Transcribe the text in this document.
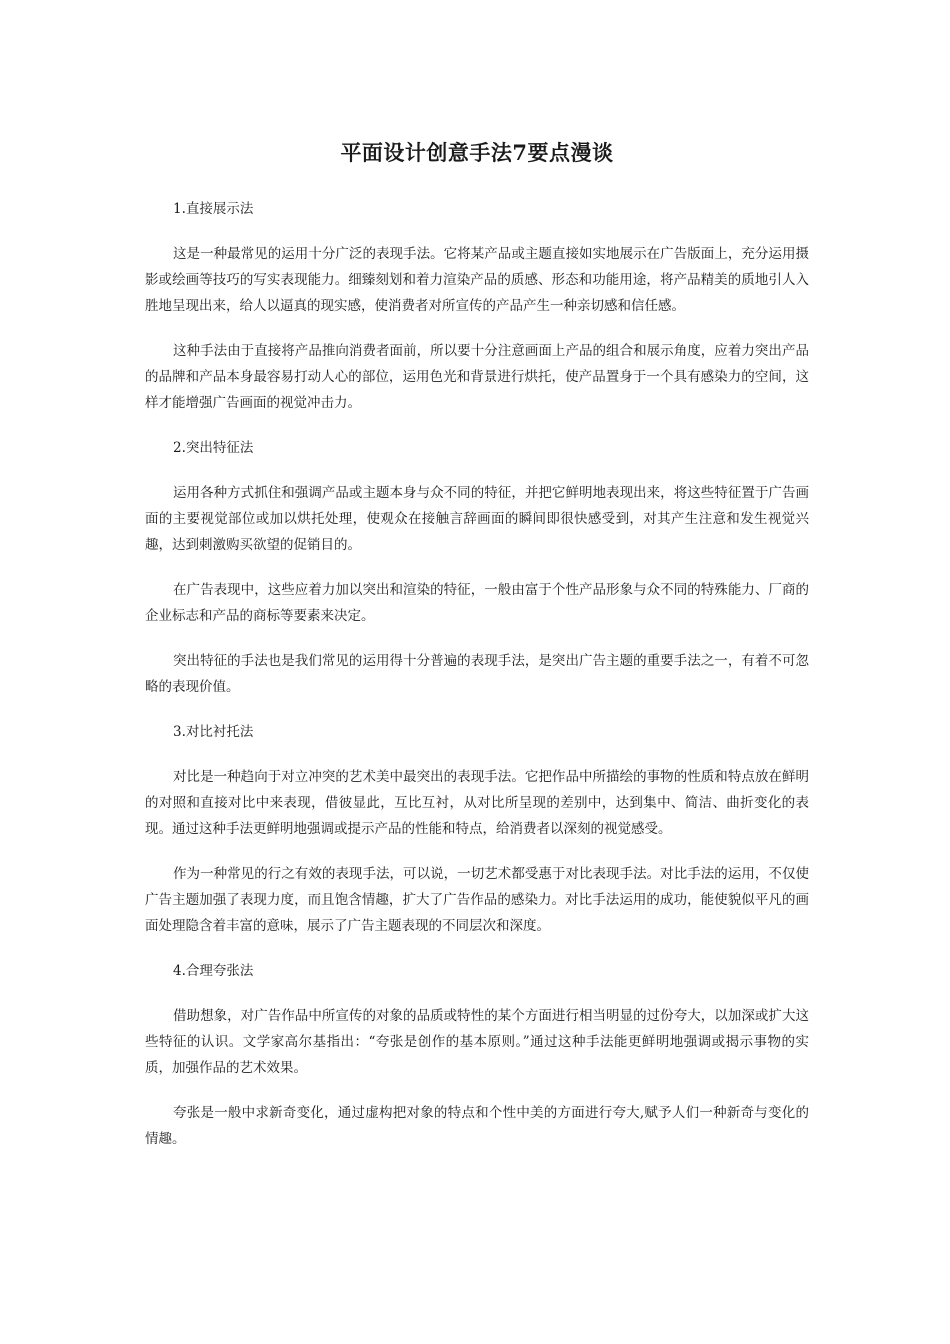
平面设计创意手法7要点漫谈

1.直接展示法

这是一种最常见的运用十分广泛的表现手法。它将某产品或主题直接如实地展示在广告版面上，充分运用摄影或绘画等技巧的写实表现能力。细臻刻划和着力渲染产品的质感、形态和功能用途，将产品精美的质地引人入胜地呈现出来，给人以逼真的现实感，使消费者对所宣传的产品产生一种亲切感和信任感。

这种手法由于直接将产品推向消费者面前，所以要十分注意画面上产品的组合和展示角度，应着力突出产品的品牌和产品本身最容易打动人心的部位，运用色光和背景进行烘托，使产品置身于一个具有感染力的空间，这样才能增强广告画面的视觉冲击力。

2.突出特征法

运用各种方式抓住和强调产品或主题本身与众不同的特征，并把它鲜明地表现出来，将这些特征置于广告画面的主要视觉部位或加以烘托处理，使观众在接触言辞画面的瞬间即很快感受到，对其产生注意和发生视觉兴趣，达到刺激购买欲望的促销目的。

在广告表现中，这些应着力加以突出和渲染的特征，一般由富于个性产品形象与众不同的特殊能力、厂商的企业标志和产品的商标等要素来决定。

突出特征的手法也是我们常见的运用得十分普遍的表现手法，是突出广告主题的重要手法之一，有着不可忽略的表现价值。

3.对比衬托法

对比是一种趋向于对立冲突的艺术美中最突出的表现手法。它把作品中所描绘的事物的性质和特点放在鲜明的对照和直接对比中来表现，借彼显此，互比互衬，从对比所呈现的差别中，达到集中、简洁、曲折变化的表现。通过这种手法更鲜明地强调或提示产品的性能和特点，给消费者以深刻的视觉感受。

作为一种常见的行之有效的表现手法，可以说，一切艺术都受惠于对比表现手法。对比手法的运用，不仅使广告主题加强了表现力度，而且饱含情趣，扩大了广告作品的感染力。对比手法运用的成功，能使貌似平凡的画面处理隐含着丰富的意味，展示了广告主题表现的不同层次和深度。

4.合理夸张法

借助想象，对广告作品中所宣传的对象的品质或特性的某个方面进行相当明显的过份夸大，以加深或扩大这些特征的认识。文学家高尔基指出：“夸张是创作的基本原则。”通过这种手法能更鲜明地强调或揭示事物的实质，加强作品的艺术效果。

夸张是一般中求新奇变化，通过虚构把对象的特点和个性中美的方面进行夸大,赋予人们一种新奇与变化的情趣。
